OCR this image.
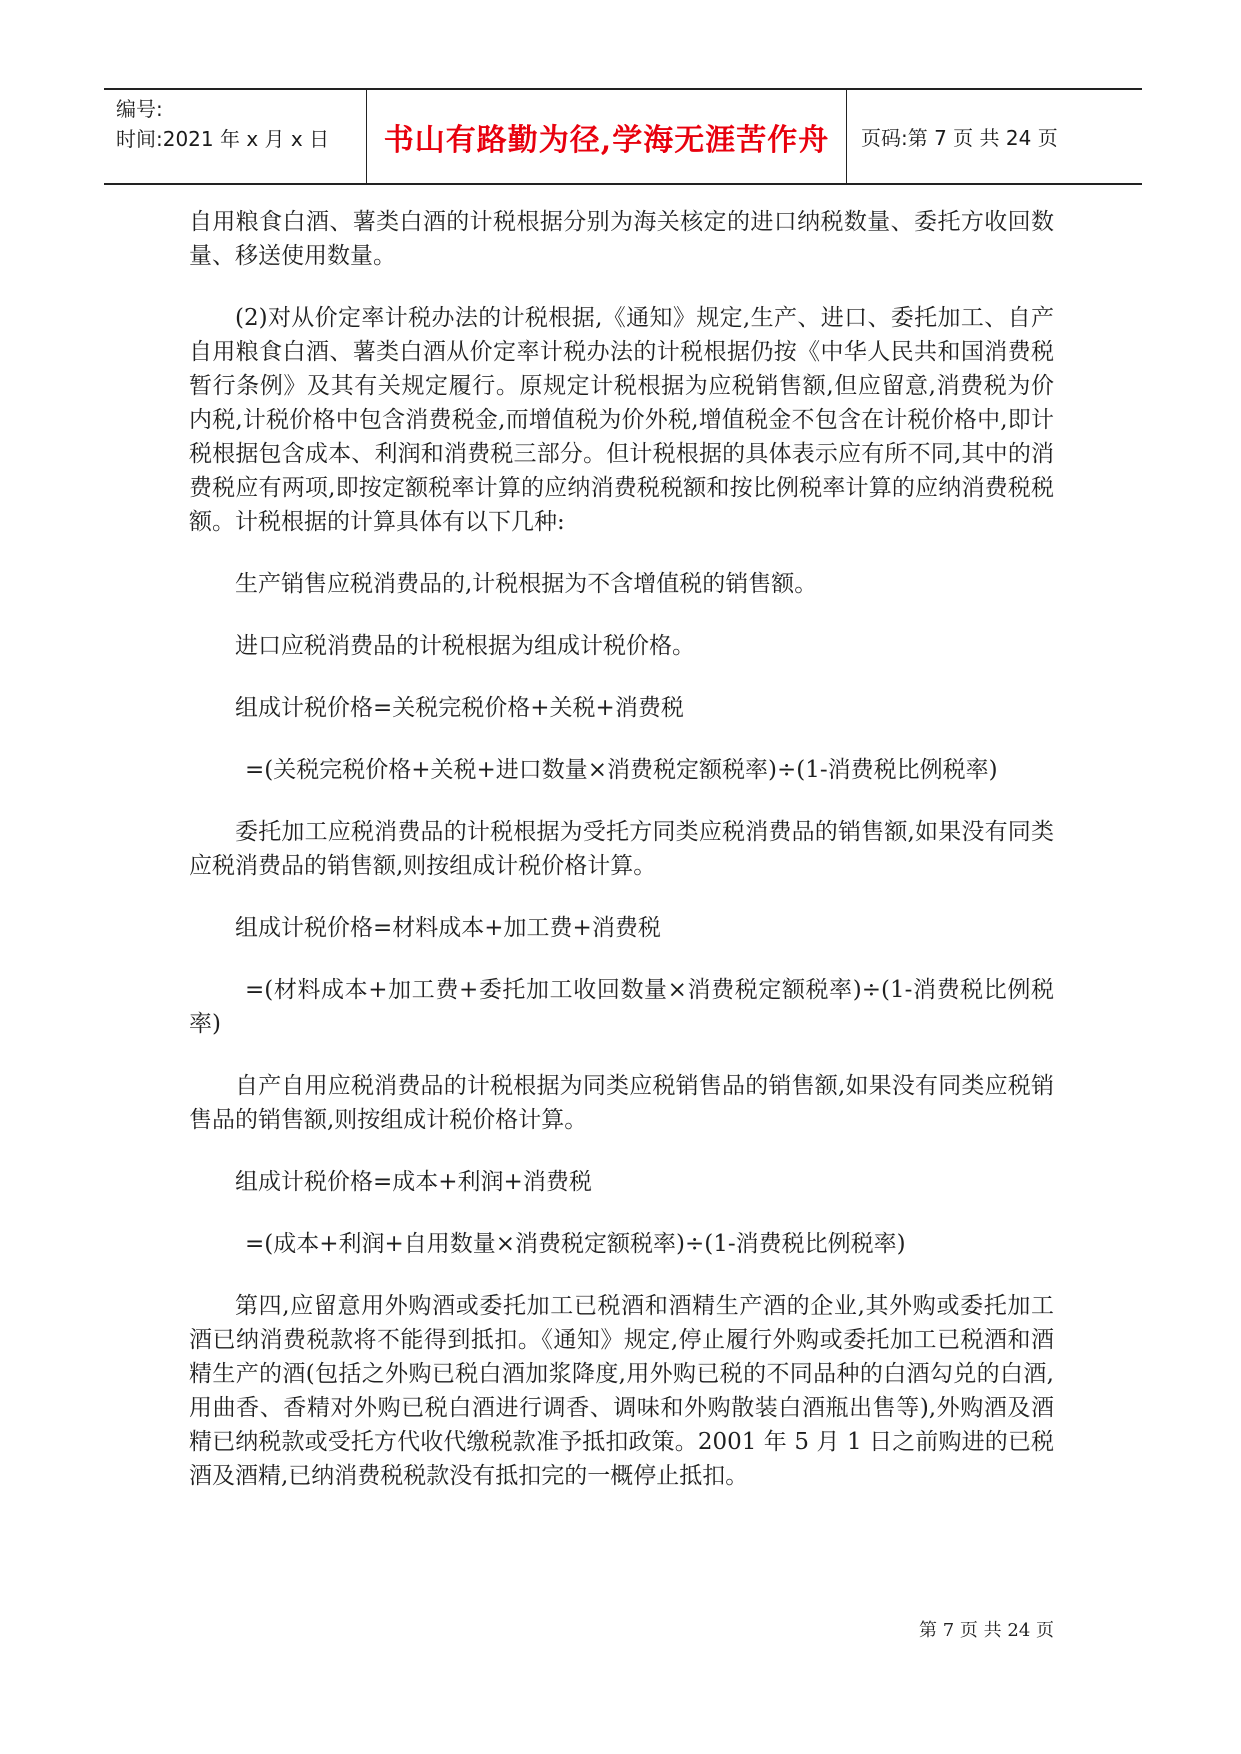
编号:
时间:2021 年 x 月 x 日	书山有路勤为径,学海无涯苦作舟 页码:第 7 页 共 24 页

自用粮食白酒、薯类白酒的计税根据分别为海关核定的进口纳税数量、委托方收回数量、移送使用数量。

(2)对从价定率计税办法的计税根据,《通知》规定,生产、进口、委托加工、自产自用粮食白酒、薯类白酒从价定率计税办法的计税根据仍按《中华人民共和国消费税暂行条例》及其有关规定履行。原规定计税根据为应税销售额,但应留意,消费税为价内税,计税价格中包含消费税金,而增值税为价外税,增值税金不包含在计税价格中,即计税根据包含成本、利润和消费税三部分。但计税根据的具体表示应有所不同,其中的消费税应有两项,即按定额税率计算的应纳消费税税额和按比例税率计算的应纳消费税税额。计税根据的计算具体有以下几种:

生产销售应税消费品的,计税根据为不含增值税的销售额。

进口应税消费品的计税根据为组成计税价格。

组成计税价格=关税完税价格+关税+消费税

=(关税完税价格+关税+进口数量×消费税定额税率)÷(1-消费税比例税率)

委托加工应税消费品的计税根据为受托方同类应税消费品的销售额,如果没有同类应税消费品的销售额,则按组成计税价格计算。

组成计税价格=材料成本+加工费+消费税

=(材料成本+加工费+委托加工收回数量×消费税定额税率)÷(1-消费税比例税率)

自产自用应税消费品的计税根据为同类应税销售品的销售额,如果没有同类应税销售品的销售额,则按组成计税价格计算。

组成计税价格=成本+利润+消费税

=(成本+利润+自用数量×消费税定额税率)÷(1-消费税比例税率)

第四,应留意用外购酒或委托加工已税酒和酒精生产酒的企业,其外购或委托加工酒已纳消费税款将不能得到抵扣。《通知》规定,停止履行外购或委托加工已税酒和酒精生产的酒(包括之外购已税白酒加浆降度,用外购已税的不同品种的白酒勾兑的白酒,用曲香、香精对外购已税白酒进行调香、调味和外购散装白酒瓶出售等),外购酒及酒精已纳税款或受托方代收代缴税款准予抵扣政策。2001 年 5 月 1 日之前购进的已税酒及酒精,已纳消费税税款没有抵扣完的一概停止抵扣。

第 7 页 共 24 页
